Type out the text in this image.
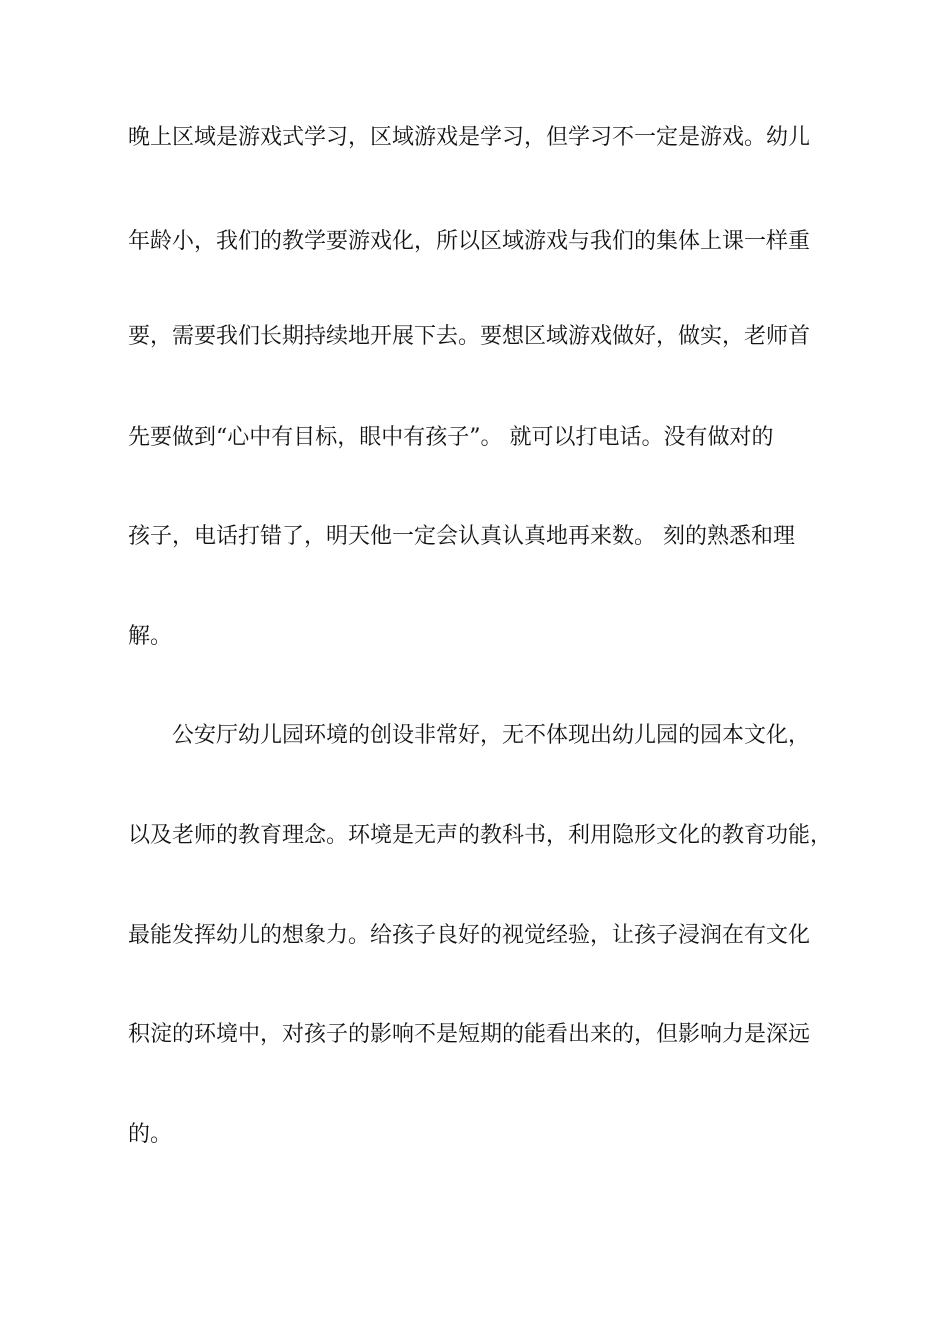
晚上区域是游戏式学习，区域游戏是学习，但学习不一定是游戏。幼儿
年龄小，我们的教学要游戏化，所以区域游戏与我们的集体上课一样重
要，需要我们长期持续地开展下去。要想区域游戏做好，做实，老师首
先要做到“心中有目标，眼中有孩子”。 就可以打电话。没有做对的
孩子，电话打错了，明天他一定会认真认真地再来数。 刻的熟悉和理
解。
公安厅幼儿园环境的创设非常好，无不体现出幼儿园的园本文化，
以及老师的教育理念。环境是无声的教科书，利用隐形文化的教育功能，
最能发挥幼儿的想象力。给孩子良好的视觉经验，让孩子浸润在有文化
积淀的环境中，对孩子的影响不是短期的能看出来的，但影响力是深远
的。
